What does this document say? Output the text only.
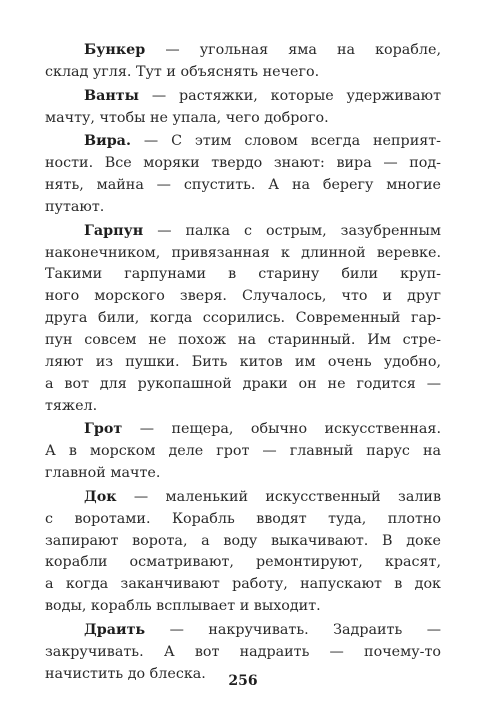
Бункер — угольная яма на корабле,
склад угля. Тут и объяснять нечего.
Ванты — растяжки, которые удерживают
мачту, чтобы не упала, чего доброго.
Вира. — С этим словом всегда неприят-
ности. Все моряки твердо знают: вира — под-
нять, майна — спустить. А на берегу многие
путают.
Гарпун — палка с острым, зазубренным
наконечником, привязанная к длинной веревке.
Такими гарпунами в старину били круп-
ного морского зверя. Случалось, что и друг
друга били, когда ссорились. Современный гар-
пун совсем не похож на старинный. Им стре-
ляют из пушки. Бить китов им очень удобно,
а вот для рукопашной драки он не годится —
тяжел.
Грот — пещера, обычно искусственная.
А в морском деле грот — главный парус на
главной мачте.
Док — маленький искусственный залив
с воротами. Корабль вводят туда, плотно
запирают ворота, а воду выкачивают. В доке
корабли осматривают, ремонтируют, красят,
а когда заканчивают работу, напускают в док
воды, корабль всплывает и выходит.
Драить — накручивать. Задраить —
закручивать. А вот надраить — почему-то
начистить до блеска.	256
